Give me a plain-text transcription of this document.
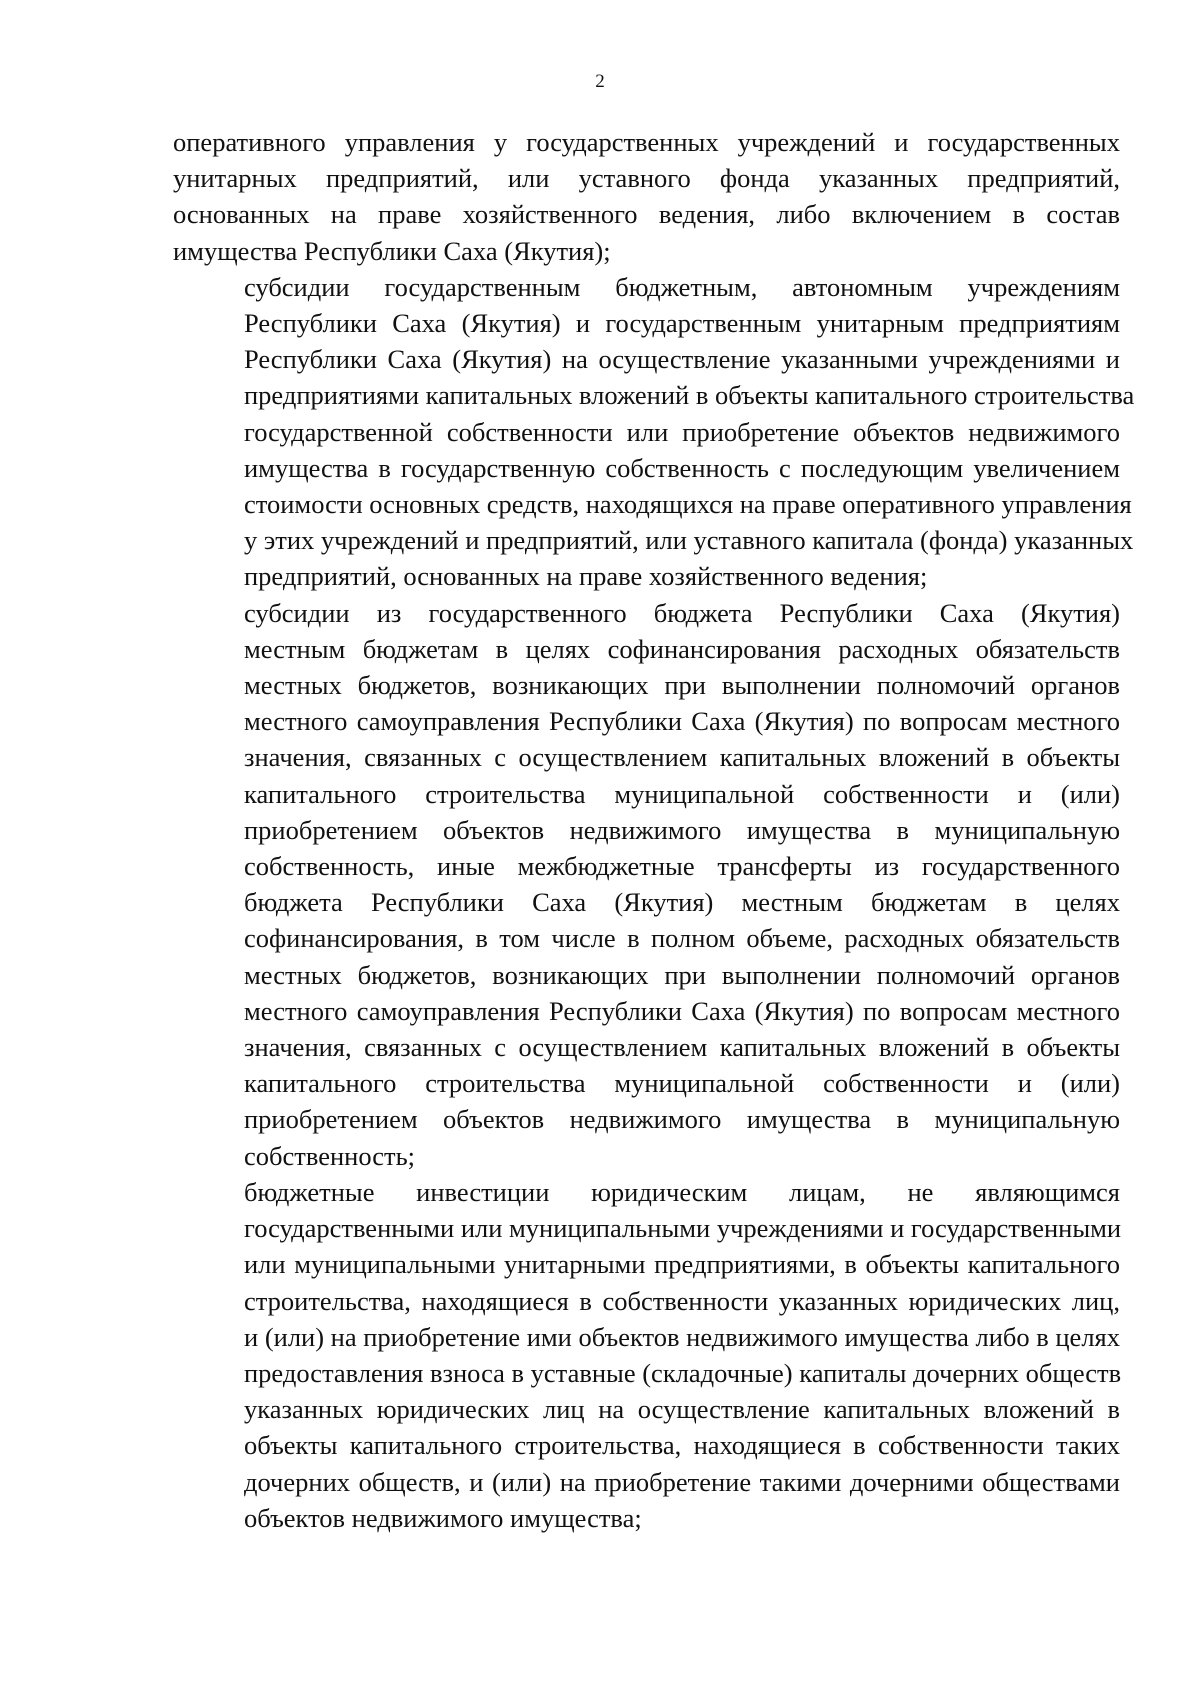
2

оперативного управления у государственных учреждений и государственных
унитарных предприятий, или уставного фонда указанных предприятий,
основанных на праве хозяйственного ведения, либо включением в состав
имущества Республики Саха (Якутия);

субсидии государственным бюджетным, автономным учреждениям
Республики Саха (Якутия) и государственным унитарным предприятиям
Республики Саха (Якутия) на осуществление указанными учреждениями и
предприятиями капитальных вложений в объекты капитального строительства
государственной собственности или приобретение объектов недвижимого
имущества в государственную собственность с последующим увеличением
стоимости основных средств, находящихся на праве оперативного управления
у этих учреждений и предприятий, или уставного капитала (фонда) указанных
предприятий, основанных на праве хозяйственного ведения;

субсидии из государственного бюджета Республики Саха (Якутия)
местным бюджетам в целях софинансирования расходных обязательств
местных бюджетов, возникающих при выполнении полномочий органов
местного самоуправления Республики Саха (Якутия) по вопросам местного
значения, связанных с осуществлением капитальных вложений в объекты
капитального строительства муниципальной собственности и (или)
приобретением объектов недвижимого имущества в муниципальную
собственность, иные межбюджетные трансферты из государственного
бюджета Республики Саха (Якутия) местным бюджетам в целях
софинансирования, в том числе в полном объеме, расходных обязательств
местных бюджетов, возникающих при выполнении полномочий органов
местного самоуправления Республики Саха (Якутия) по вопросам местного
значения, связанных с осуществлением капитальных вложений в объекты
капитального строительства муниципальной собственности и (или)
приобретением объектов недвижимого имущества в муниципальную
собственность;

бюджетные инвестиции юридическим лицам, не являющимся
государственными или муниципальными учреждениями и государственными
или муниципальными унитарными предприятиями, в объекты капитального
строительства, находящиеся в собственности указанных юридических лиц,
и (или) на приобретение ими объектов недвижимого имущества либо в целях
предоставления взноса в уставные (складочные) капиталы дочерних обществ
указанных юридических лиц на осуществление капитальных вложений в
объекты капитального строительства, находящиеся в собственности таких
дочерних обществ, и (или) на приобретение такими дочерними обществами
объектов недвижимого имущества;
